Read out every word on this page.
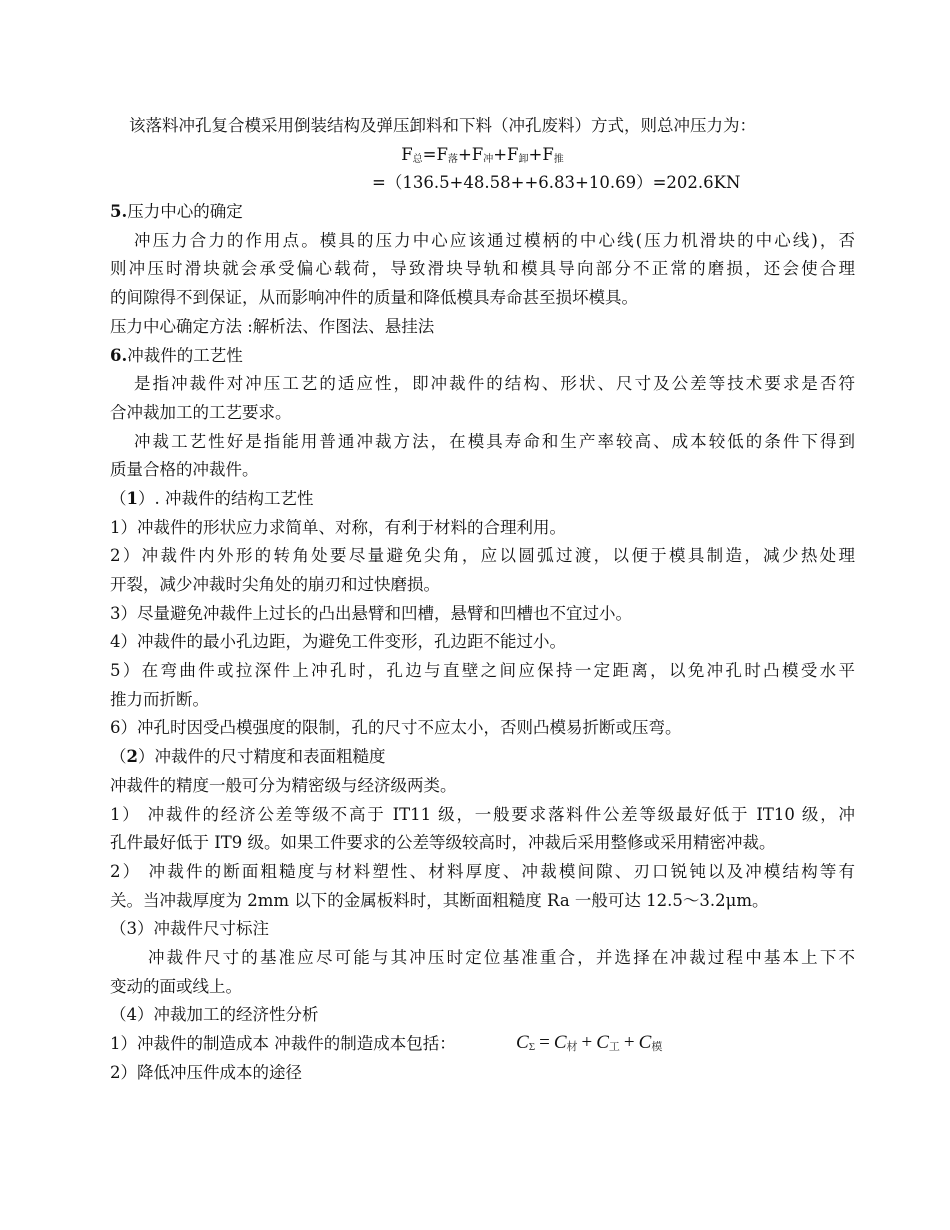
该落料冲孔复合模采用倒装结构及弹压卸料和下料（冲孔废料）方式，则总冲压力为：
$F_总=F_落+F_冲+F_卸+F_推$
=（136.5+48.58++6.83+10.69）=202.6KN
5.压力中心的确定
冲压力合力的作用点。模具的压力中心应该通过模柄的中心线(压力机滑块的中心线)，否
则冲压时滑块就会承受偏心载荷，导致滑块导轨和模具导向部分不正常的磨损，还会使合理
的间隙得不到保证，从而影响冲件的质量和降低模具寿命甚至损坏模具。
压力中心确定方法 :解析法、作图法、悬挂法
6.冲裁件的工艺性
是指冲裁件对冲压工艺的适应性，即冲裁件的结构、形状、尺寸及公差等技术要求是否符
合冲裁加工的工艺要求。
冲裁工艺性好是指能用普通冲裁方法，在模具寿命和生产率较高、成本较低的条件下得到
质量合格的冲裁件。
（1）. 冲裁件的结构工艺性
1）冲裁件的形状应力求简单、对称，有利于材料的合理利用。
2）冲裁件内外形的转角处要尽量避免尖角，应以圆弧过渡，以便于模具制造，减少热处理
开裂，减少冲裁时尖角处的崩刃和过快磨损。
3）尽量避免冲裁件上过长的凸出悬臂和凹槽，悬臂和凹槽也不宜过小。
4）冲裁件的最小孔边距，为避免工件变形，孔边距不能过小。
5）在弯曲件或拉深件上冲孔时，孔边与直壁之间应保持一定距离，以免冲孔时凸模受水平
推力而折断。
6）冲孔时因受凸模强度的限制，孔的尺寸不应太小，否则凸模易折断或压弯。
（2）冲裁件的尺寸精度和表面粗糙度
冲裁件的精度一般可分为精密级与经济级两类。
1） 冲裁件的经济公差等级不高于 IT11 级，一般要求落料件公差等级最好低于 IT10 级，冲
孔件最好低于 IT9 级。如果工件要求的公差等级较高时，冲裁后采用整修或采用精密冲裁。
2） 冲裁件的断面粗糙度与材料塑性、材料厚度、冲裁模间隙、刃口锐钝以及冲模结构等有
关。当冲裁厚度为 2mm 以下的金属板料时，其断面粗糙度 Ra 一般可达 12.5～3.2μm。
（3）冲裁件尺寸标注
冲裁件尺寸的基准应尽可能与其冲压时定位基准重合，并选择在冲裁过程中基本上下不
变动的面或线上。
（4）冲裁加工的经济性分析
1）冲裁件的制造成本 冲裁件的制造成本包括：
2）降低冲压件成本的途径
$C_\Sigma = C_材 + C_工 + C_模$
